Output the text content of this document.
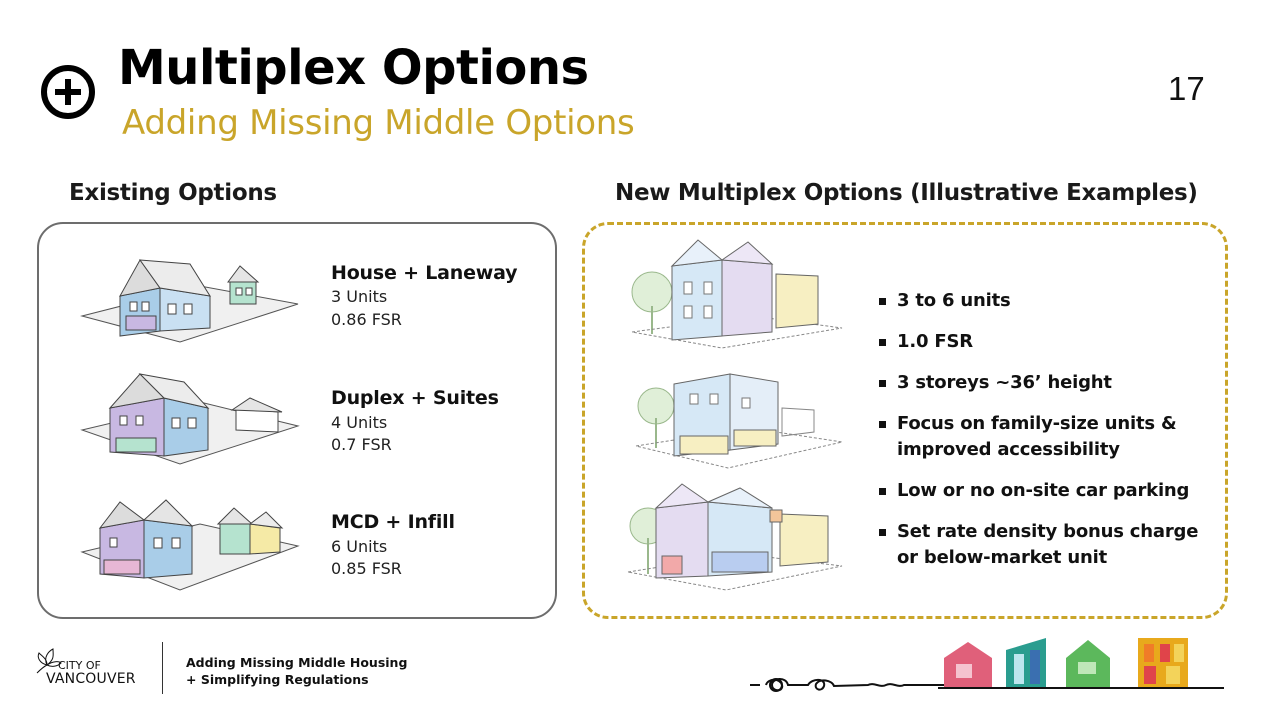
Multiplex Options
Adding Missing Middle Options
17
Existing Options	New Multiplex Options (Illustrative Examples)
House + Laneway
3 Units
0.86 FSR
Duplex + Suites
4 Units
0.7 FSR
MCD + Infill
6 Units
0.85 FSR
3 to 6 units
1.0 FSR
3 storeys ~36’ height
Focus on family-size units & improved accessibility
Low or no on-site car parking
Set rate density bonus charge or below-market unit
CITY OF
VANCOUVER
Adding Missing Middle Housing
+ Simplifying Regulations
